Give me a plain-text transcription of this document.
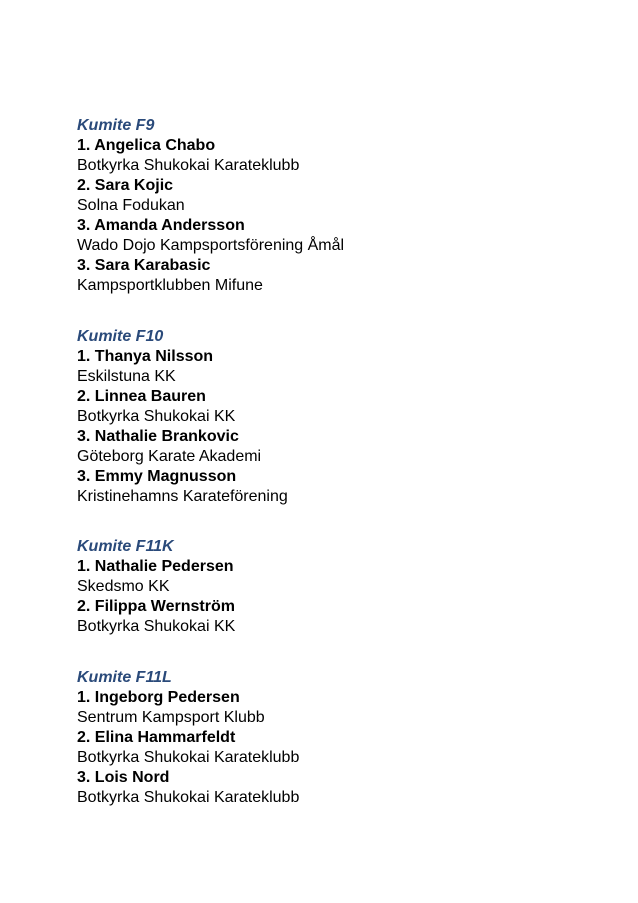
Kumite F9
1. Angelica Chabo
Botkyrka Shukokai Karateklubb
2. Sara Kojic
Solna Fodukan
3. Amanda Andersson
Wado Dojo Kampsportsförening Åmål
3. Sara Karabasic
Kampsportklubben Mifune
Kumite F10
1. Thanya Nilsson
Eskilstuna KK
2. Linnea Bauren
Botkyrka Shukokai KK
3. Nathalie Brankovic
Göteborg Karate Akademi
3. Emmy Magnusson
Kristinehamns Karateförening
Kumite F11K
1. Nathalie Pedersen
Skedsmo KK
2. Filippa Wernström
Botkyrka Shukokai KK
Kumite F11L
1. Ingeborg Pedersen
Sentrum Kampsport Klubb
2. Elina Hammarfeldt
Botkyrka Shukokai Karateklubb
3. Lois Nord
Botkyrka Shukokai Karateklubb
